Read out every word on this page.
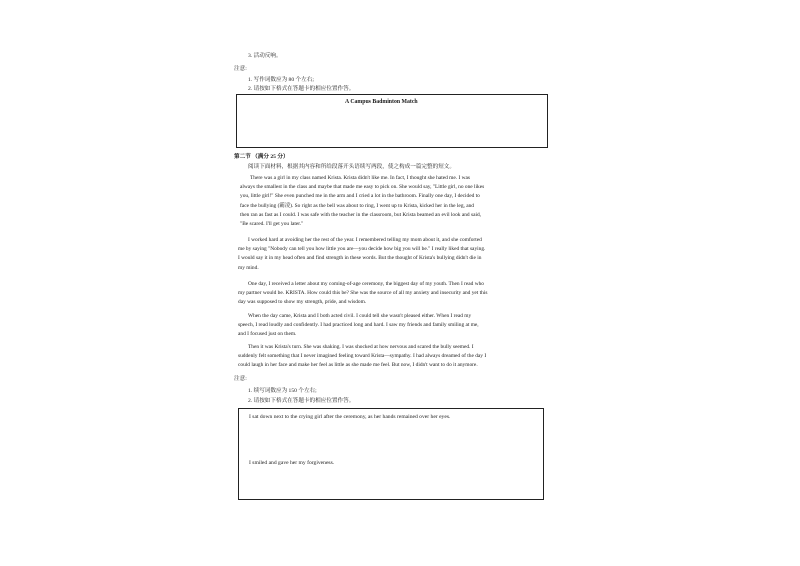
3. 活动反响。
注意:
1. 写作词数应为 80 个左右;
2. 请按如下格式在答题卡的相应位置作答。
A Campus Badminton Match
第二节 （满分 25 分）
阅读下面材料，根据其内容和所给段落开头语续写两段，使之构成一篇完整的短文。
There was a girl in my class named Krista. Krista didn't like me. In fact, I thought she hated me. I was
always the smallest in the class and maybe that made me easy to pick on. She would say, "Little girl, no one likes
you, little girl!" She even punched me in the arm and I cried a lot in the bathroom. Finally one day, I decided to
face the bullying (霸凌). So right as the bell was about to ring, I went up to Krista, kicked her in the leg, and
then ran as fast as I could. I was safe with the teacher in the classroom, but Krista beamed an evil look and said,
"Be scared. I'll get you later."
I worked hard at avoiding her the rest of the year. I remembered telling my mom about it, and she comforted
me by saying "Nobody can tell you how little you are—you decide how big you will be." I really liked that saying.
I would say it in my head often and find strength in these words. But the thought of Krista's bullying didn't die in
my mind.
One day, I received a letter about my coming-of-age ceremony, the biggest day of my youth. Then I read who
my partner would be. KRISTA. How could this be? She was the source of all my anxiety and insecurity and yet this
day was supposed to show my strength, pride, and wisdom.
When the day came, Krista and I both acted civil. I could tell she wasn't pleased either. When I read my
speech, I read loudly and confidently. I had practiced long and hard. I saw my friends and family smiling at me,
and I focused just on them.
Then it was Krista's turn. She was shaking. I was shocked at how nervous and scared the bully seemed. I
suddenly felt something that I never imagined feeling toward Krista—sympathy. I had always dreamed of the day I
could laugh in her face and make her feel as little as she made me feel. But now, I didn't want to do it anymore.
注意:
1. 续写词数应为 150 个左右;
2. 请按如下格式在答题卡的相应位置作答。
I sat down next to the crying girl after the ceremony, as her hands remained over her eyes.
I smiled and gave her my forgiveness.
